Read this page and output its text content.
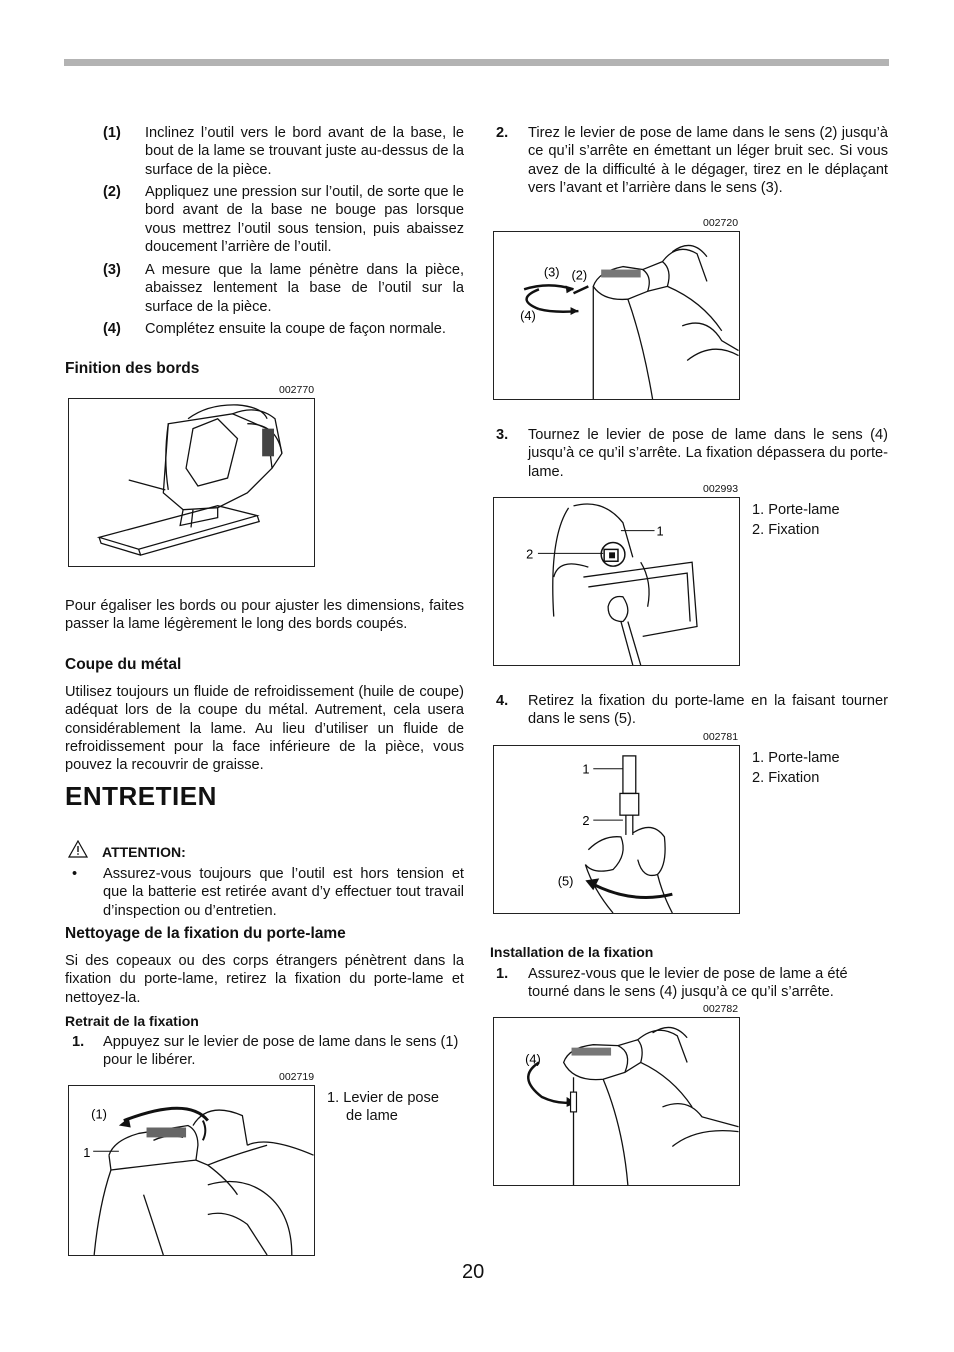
(1) Inclinez l’outil vers le bord avant de la base, le bout de la lame se trouvant juste au-dessus de la surface de la pièce.
(2) Appliquez une pression sur l’outil, de sorte que le bord avant de la base ne bouge pas lorsque vous mettrez l’outil sous tension, puis abaissez doucement l’arrière de l’outil.
(3) A mesure que la lame pénètre dans la pièce, abaissez lentement la base de l’outil sur la surface de la pièce.
(4) Complétez ensuite la coupe de façon normale.
Finition des bords
002770
Pour égaliser les bords ou pour ajuster les dimensions, faites passer la lame légèrement le long des bords coupés.
Coupe du métal
Utilisez toujours un fluide de refroidissement (huile de coupe) adéquat lors de la coupe du métal. Autrement, cela usera considérablement la lame. Au lieu d’utiliser un fluide de refroidissement pour la face inférieure de la pièce, vous pouvez la recouvrir de graisse.
ENTRETIEN
ATTENTION:
• Assurez-vous toujours que l’outil est hors tension et que la batterie est retirée avant d’y effectuer tout travail d’inspection ou d’entretien.
Nettoyage de la fixation du porte-lame
Si des copeaux ou des corps étrangers pénètrent dans la fixation du porte-lame, retirez la fixation du porte-lame et nettoyez-la.
Retrait de la fixation
1. Appuyez sur le levier de pose de lame dans le sens (1) pour le libérer.
002719
(1)
1
1. Levier de pose
de lame
2. Tirez le levier de pose de lame dans le sens (2) jusqu’à ce qu’il s’arrête en émettant un léger bruit sec. Si vous avez de la difficulté à le dégager, tirez en le déplaçant vers l’avant et l’arrière dans le sens (3).
002720
(3) (2)
(4)
3. Tournez le levier de pose de lame dans le sens (4) jusqu’à ce qu’il s’arrête. La fixation dépassera du porte-lame.
002993
1
2
1. Porte-lame
2. Fixation
4. Retirez la fixation du porte-lame en la faisant tourner dans le sens (5).
002781
1
2
(5)
1. Porte-lame
2. Fixation
Installation de la fixation
1. Assurez-vous que le levier de pose de lame a été tourné dans le sens (4) jusqu’à ce qu’il s’arrête.
002782
(4)
20
